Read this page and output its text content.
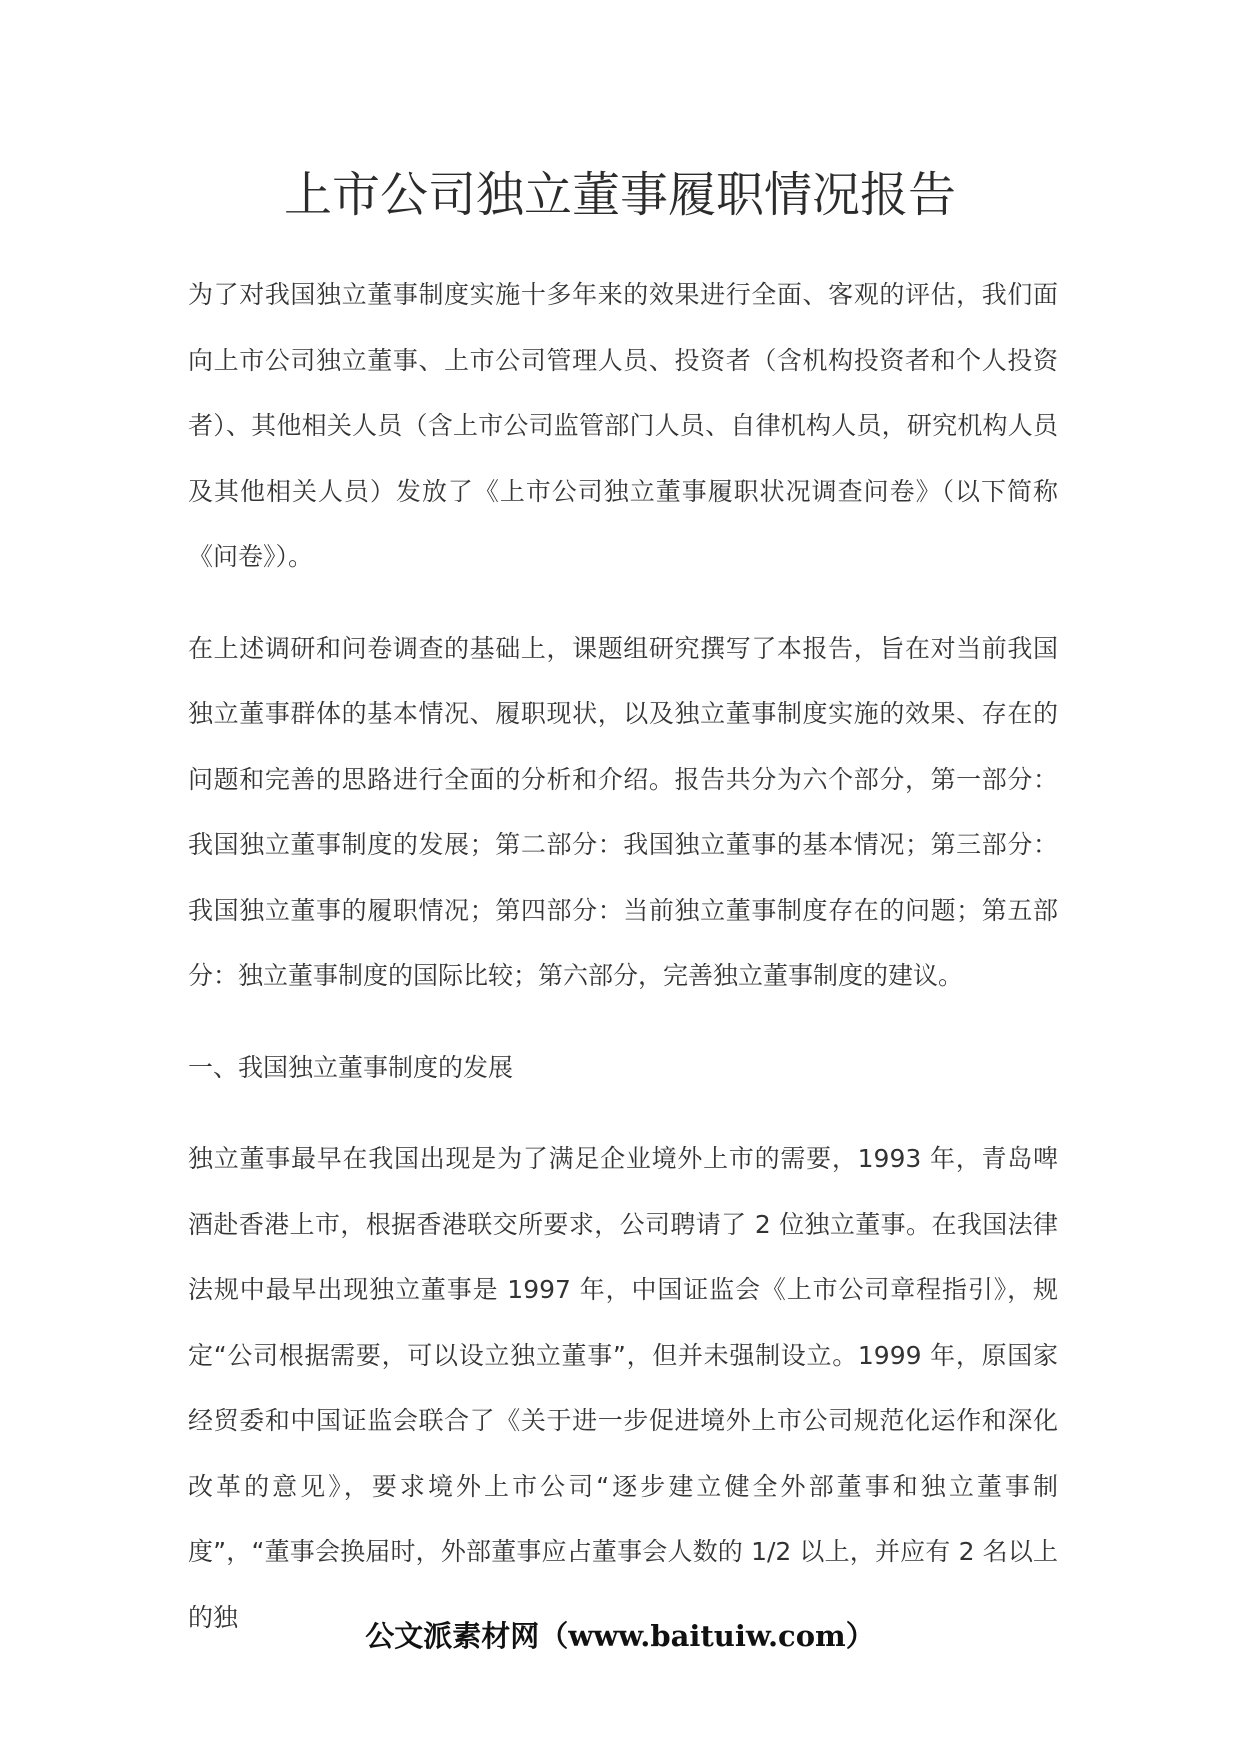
上市公司独立董事履职情况报告

为了对我国独立董事制度实施十多年来的效果进行全面、客观的评估，我们面向上市公司独立董事、上市公司管理人员、投资者（含机构投资者和个人投资者）、其他相关人员（含上市公司监管部门人员、自律机构人员，研究机构人员及其他相关人员）发放了《上市公司独立董事履职状况调查问卷》（以下简称《问卷》）。

在上述调研和问卷调查的基础上，课题组研究撰写了本报告，旨在对当前我国独立董事群体的基本情况、履职现状，以及独立董事制度实施的效果、存在的问题和完善的思路进行全面的分析和介绍。报告共分为六个部分，第一部分：我国独立董事制度的发展；第二部分：我国独立董事的基本情况；第三部分：我国独立董事的履职情况；第四部分：当前独立董事制度存在的问题；第五部分：独立董事制度的国际比较；第六部分，完善独立董事制度的建议。

一、我国独立董事制度的发展

独立董事最早在我国出现是为了满足企业境外上市的需要，1993 年，青岛啤酒赴香港上市，根据香港联交所要求，公司聘请了 2 位独立董事。在我国法律法规中最早出现独立董事是 1997 年，中国证监会《上市公司章程指引》，规定“公司根据需要，可以设立独立董事”，但并未强制设立。1999 年，原国家经贸委和中国证监会联合了《关于进一步促进境外上市公司规范化运作和深化改革的意见》，要求境外上市公司“逐步建立健全外部董事和独立董事制度”，“董事会换届时，外部董事应占董事会人数的 1/2 以上，并应有 2 名以上的独

公文派素材网（www.baituiw.com）
